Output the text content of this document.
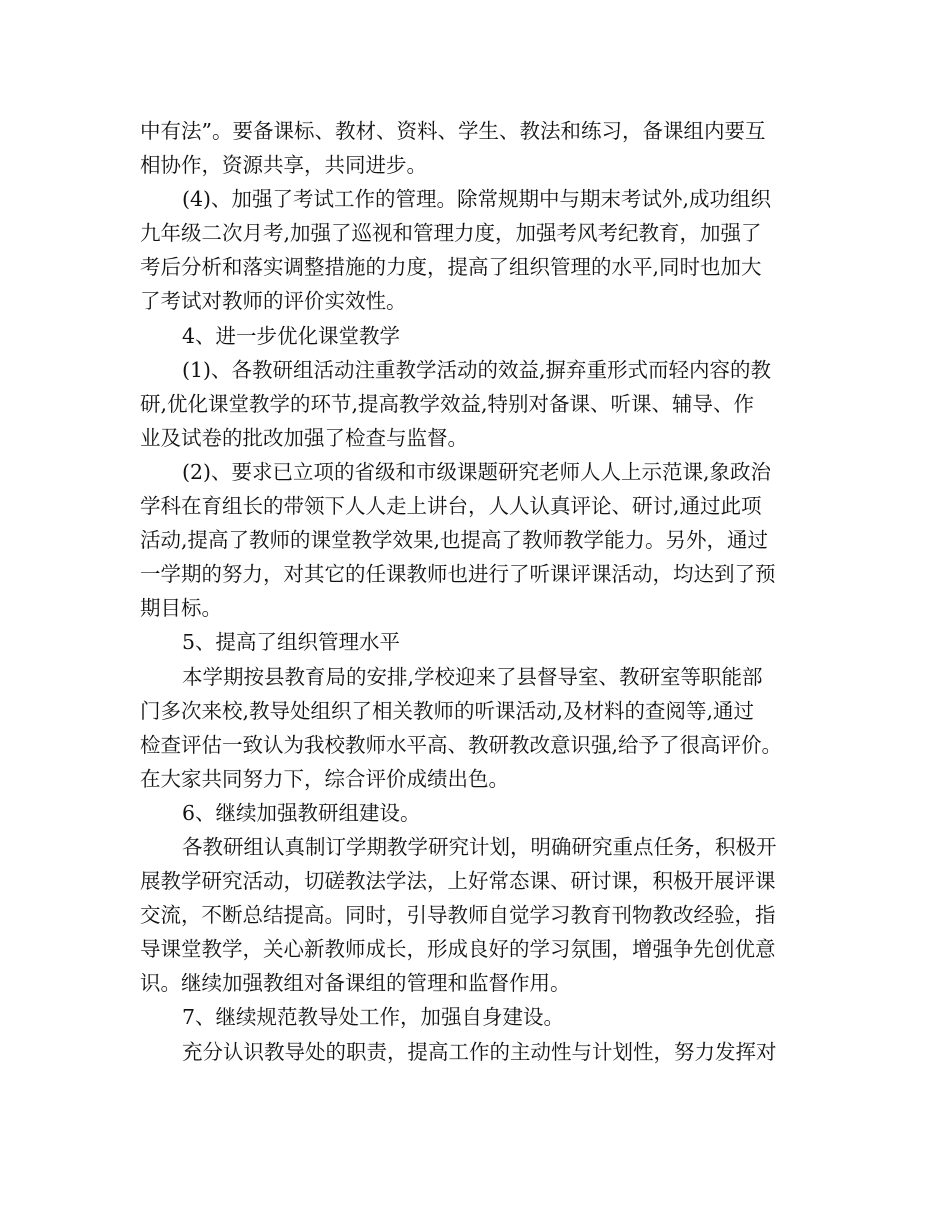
中有法”。要备课标、教材、资料、学生、教法和练习，备课组内要互
相协作，资源共享，共同进步。
(4)、加强了考试工作的管理。除常规期中与期末考试外,成功组织
九年级二次月考,加强了巡视和管理力度，加强考风考纪教育，加强了
考后分析和落实调整措施的力度，提高了组织管理的水平,同时也加大
了考试对教师的评价实效性。
4、进一步优化课堂教学
(1)、各教研组活动注重教学活动的效益,摒弃重形式而轻内容的教
研,优化课堂教学的环节,提高教学效益,特别对备课、听课、辅导、作
业及试卷的批改加强了检查与监督。
(2)、要求已立项的省级和市级课题研究老师人人上示范课,象政治
学科在育组长的带领下人人走上讲台，人人认真评论、研讨,通过此项
活动,提高了教师的课堂教学效果,也提高了教师教学能力。另外，通过
一学期的努力，对其它的任课教师也进行了听课评课活动，均达到了预
期目标。
5、提高了组织管理水平
本学期按县教育局的安排,学校迎来了县督导室、教研室等职能部
门多次来校,教导处组织了相关教师的听课活动,及材料的查阅等,通过
检查评估一致认为我校教师水平高、教研教改意识强,给予了很高评价。
在大家共同努力下，综合评价成绩出色。
6、继续加强教研组建设。
各教研组认真制订学期教学研究计划，明确研究重点任务，积极开
展教学研究活动，切磋教法学法，上好常态课、研讨课，积极开展评课
交流，不断总结提高。同时，引导教师自觉学习教育刊物教改经验，指
导课堂教学，关心新教师成长，形成良好的学习氛围，增强争先创优意
识。继续加强教组对备课组的管理和监督作用。
7、继续规范教导处工作，加强自身建设。
充分认识教导处的职责，提高工作的主动性与计划性，努力发挥对
